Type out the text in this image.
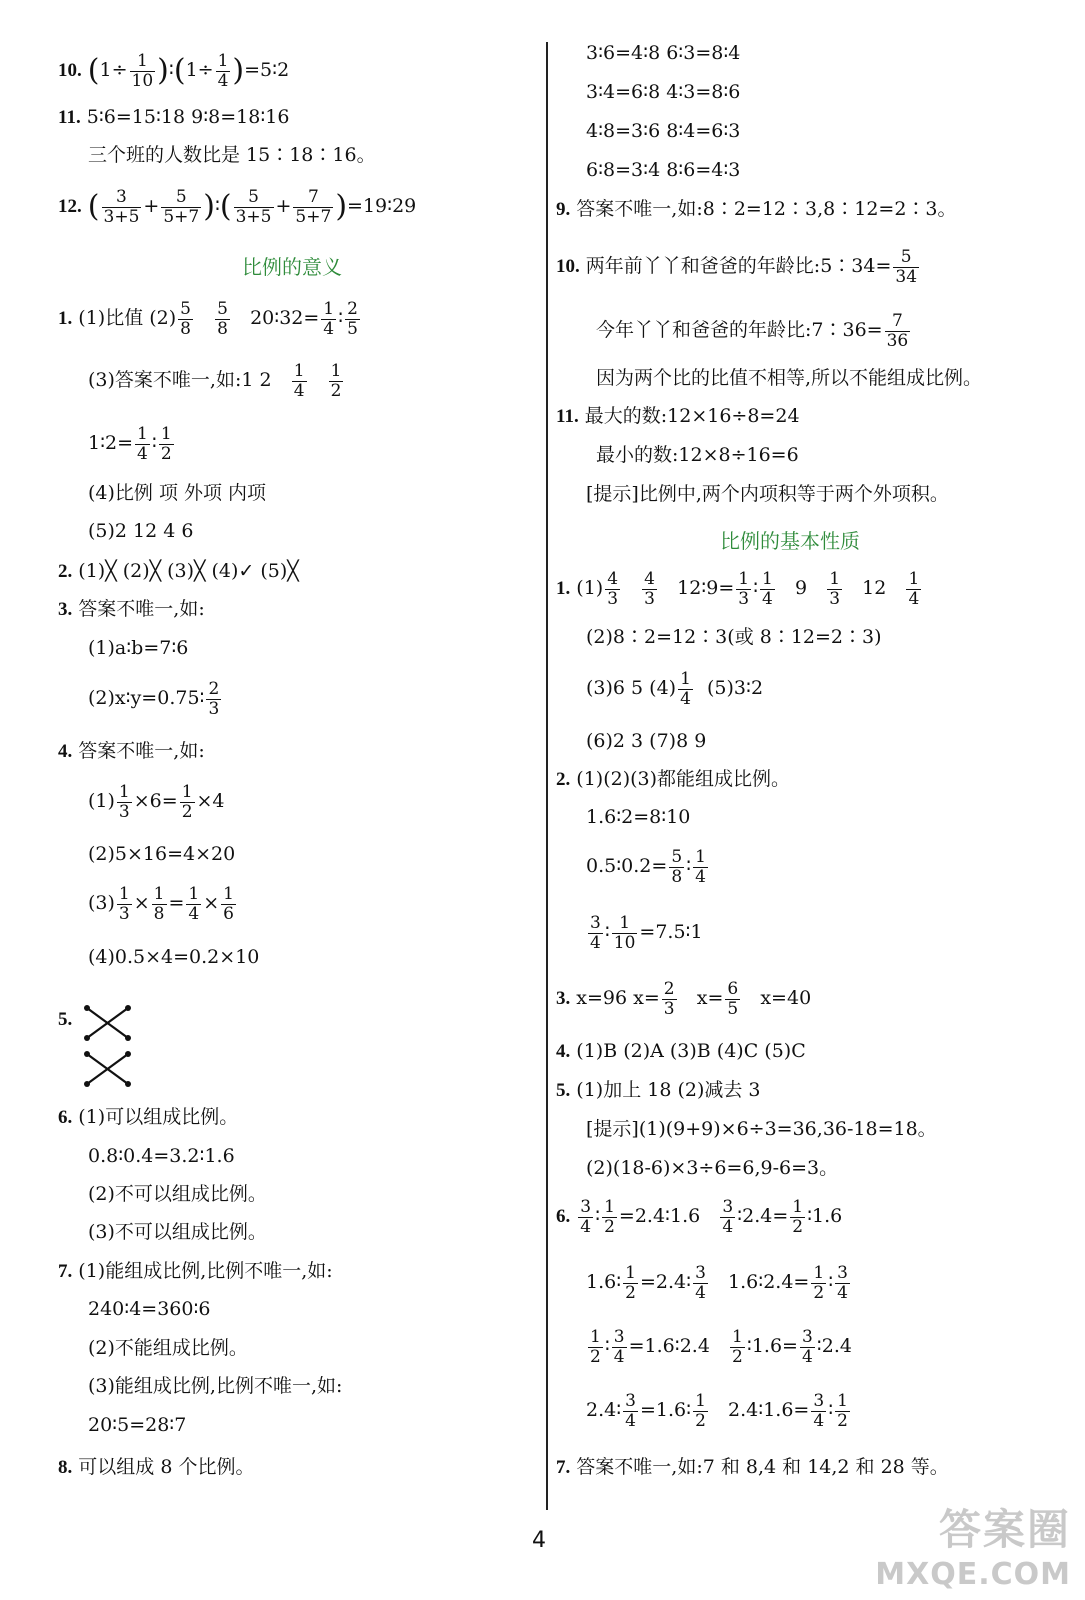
10. ($1\div \frac{1}{10}$ )∶(1÷ $\frac{1}{4}$ )=5∶2
11. 5∶6=15∶18 9∶8=18∶16
三个班的人数比是 15∶18∶16。
12. ( $\frac{3}{3+5} + \frac{5}{5+7}$ )∶( $\frac{5}{3+5} + \frac{7}{5+7}$ )=19∶29
比例的意义
1. (1)比值 $(2) \frac{5}{8}$
$\frac{5}{8}$ 20∶32= $\frac{1}{4}$ ∶ $\frac{2}{5}$
(3)答案不唯一,如:1 $2 \frac{1}{4}$
$\frac{1}{2}$
1∶2= $\frac{1}{4}$ ∶ $\frac{1}{2}$
(4)比例 项 外项 内项
(5)2 12 4 6
2. (1)╳ (2)╳ (3)╳ (4)✓ (5)╳
3. 答案不唯一,如:
(1)a∶b=7∶6
(2)x∶y=0.75∶ $\frac{2}{3}$
4. 答案不唯一,如:
$(1) \frac{1}{3} \times 6= \frac{1}{2} \times 4$
(2)5×16=4×20
$(3) \frac{1}{3} \times \frac{1}{8} = \frac{1}{4} \times \frac{1}{6}$
(4)0.5×4=0.2×10
5.
6. (1)可以组成比例。
0.8∶0.4=3.2∶1.6
(2)不可以组成比例。
(3)不可以组成比例。
7. (1)能组成比例,比例不唯一,如:
240∶4=360∶6
(2)不能组成比例。
(3)能组成比例,比例不唯一,如:
20∶5=28∶7
8. 可以组成 8 个比例。
3∶6=4∶8 6∶3=8∶4
3∶4=6∶8 4∶3=8∶6
4∶8=3∶6 8∶4=6∶3
6∶8=3∶4 8∶6=4∶3
9. 答案不唯一,如:8∶2=12∶3,8∶12=2∶3。
10. 两年前丫丫和爸爸的年龄比:5∶34= $\frac{5}{34}$
今年丫丫和爸爸的年龄比:7∶36= $\frac{7}{36}$
因为两个比的比值不相等,所以不能组成比例。
11. 最大的数:12×16÷8=24
最小的数:12×8÷16=6
[提示]比例中,两个内项积等于两个外项积。
比例的基本性质
1. $(1) \frac{4}{3}$
$\frac{4}{3}$ 12∶9= $\frac{1}{3}$ ∶ $\frac{1}{4} 9 \frac{1}{3} 12 \frac{1}{4}$
(2)8∶2=12∶3(或 8∶12=2∶3)
(3)6 5 $(4) \frac{1}{4}$ (5)3∶2
(6)2 3 (7)8 9
2. (1)(2)(3)都能组成比例。
1.6∶2=8∶10
0.5∶0.2= $\frac{5}{8}$ ∶ $\frac{1}{4}$
$\frac{3}{4}$ ∶ $\frac{1}{10}$ =7.5∶1
3. x=96 $x= \frac{2}{3} x= \frac{6}{5} x=40$
4. (1)B (2)A (3)B (4)C (5)C
5. (1)加上 18 (2)减去 3
[提示](1)(9+9)×6÷3=36,36-18=18。
(2)(18-6)×3÷6=6,9-6=3。
6. $\frac{3}{4}$ ∶ $\frac{1}{2}$ =2.4∶1.6 $\frac{3}{4}$ ∶2.4= $\frac{1}{2}$ ∶1.6
1.6∶ $\frac{1}{2}$ =2.4∶ $\frac{3}{4}$ 1.6∶2.4= $\frac{1}{2}$ ∶ $\frac{3}{4}$
$\frac{1}{2}$ ∶ $\frac{3}{4}$ =1.6∶2.4 $\frac{1}{2}$ ∶1.6= $\frac{3}{4}$ ∶2.4
2.4∶ $\frac{3}{4}$ =1.6∶ $\frac{1}{2}$ 2.4∶1.6= $\frac{3}{4}$ ∶ $\frac{1}{2}$
7. 答案不唯一,如:7 和 8,4 和 14,2 和 28 等。
4	答案圈
MXQE.COM
